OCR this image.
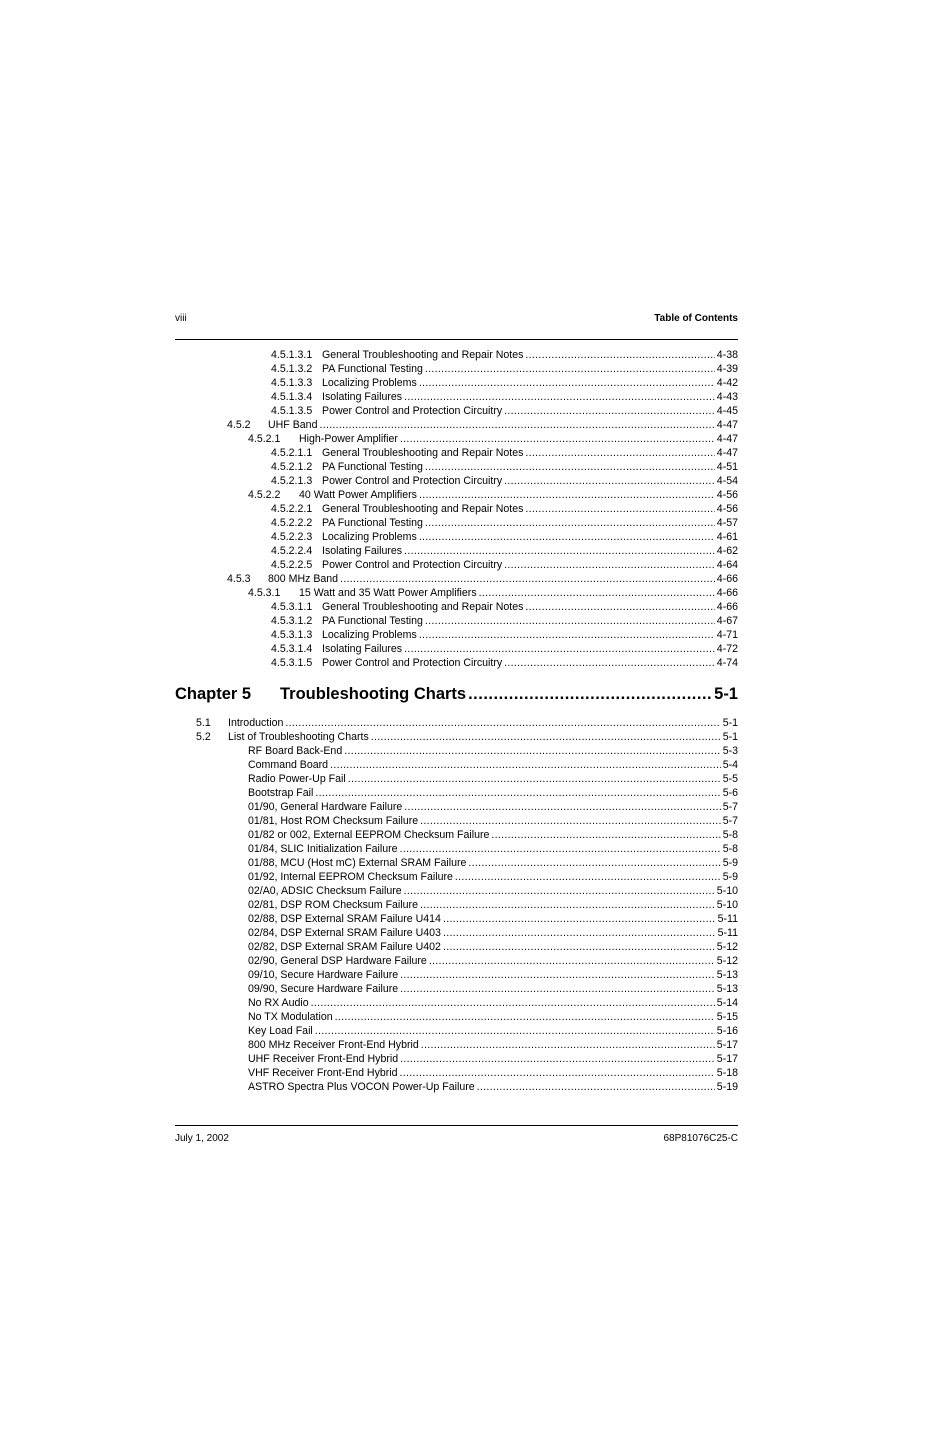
viii	Table of Contents
4.5.1.3.1 General Troubleshooting and Repair Notes .....	4-38
4.5.1.3.2 PA Functional Testing .....	4-39
4.5.1.3.3 Localizing Problems .....	4-42
4.5.1.3.4 Isolating Failures .....	4-43
4.5.1.3.5 Power Control and Protection Circuitry .....	4-45
4.5.2	UHF Band .....	4-47
4.5.2.1	High-Power Amplifier .....	4-47
4.5.2.1.1 General Troubleshooting and Repair Notes .....	4-47
4.5.2.1.2 PA Functional Testing .....	4-51
4.5.2.1.3 Power Control and Protection Circuitry .....	4-54
4.5.2.2	40 Watt Power Amplifiers .....	4-56
4.5.2.2.1 General Troubleshooting and Repair Notes .....	4-56
4.5.2.2.2 PA Functional Testing .....	4-57
4.5.2.2.3 Localizing Problems .....	4-61
4.5.2.2.4 Isolating Failures .....	4-62
4.5.2.2.5 Power Control and Protection Circuitry .....	4-64
4.5.3	800 MHz Band .....	4-66
4.5.3.1	15 Watt and 35 Watt Power Amplifiers .....	4-66
4.5.3.1.1 General Troubleshooting and Repair Notes .....	4-66
4.5.3.1.2 PA Functional Testing .....	4-67
4.5.3.1.3 Localizing Problems .....	4-71
4.5.3.1.4 Isolating Failures .....	4-72
4.5.3.1.5 Power Control and Protection Circuitry .....	4-74
Chapter 5	Troubleshooting Charts .....	5-1
5.1	Introduction .....	5-1
5.2	List of Troubleshooting Charts .....	5-1
RF Board Back-End .....	5-3
Command Board .....	5-4
Radio Power-Up Fail .....	5-5
Bootstrap Fail .....	5-6
01/90, General Hardware Failure .....	5-7
01/81, Host ROM Checksum Failure .....	5-7
01/82 or 002, External EEPROM Checksum Failure .....	5-8
01/84, SLIC Initialization Failure .....	5-8
01/88, MCU (Host mC) External SRAM Failure .....	5-9
01/92, Internal EEPROM Checksum Failure .....	5-9
02/A0, ADSIC Checksum Failure .....	5-10
02/81, DSP ROM Checksum Failure .....	5-10
02/88, DSP External SRAM Failure U414 .....	5-11
02/84, DSP External SRAM Failure U403 .....	5-11
02/82, DSP External SRAM Failure U402 .....	5-12
02/90, General DSP Hardware Failure .....	5-12
09/10, Secure Hardware Failure .....	5-13
09/90, Secure Hardware Failure .....	5-13
No RX Audio .....	5-14
No TX Modulation .....	5-15
Key Load Fail .....	5-16
800 MHz Receiver Front-End Hybrid .....	5-17
UHF Receiver Front-End Hybrid .....	5-17
VHF Receiver Front-End Hybrid .....	5-18
ASTRO Spectra Plus VOCON Power-Up Failure .....	5-19
July 1, 2002	68P81076C25-C
